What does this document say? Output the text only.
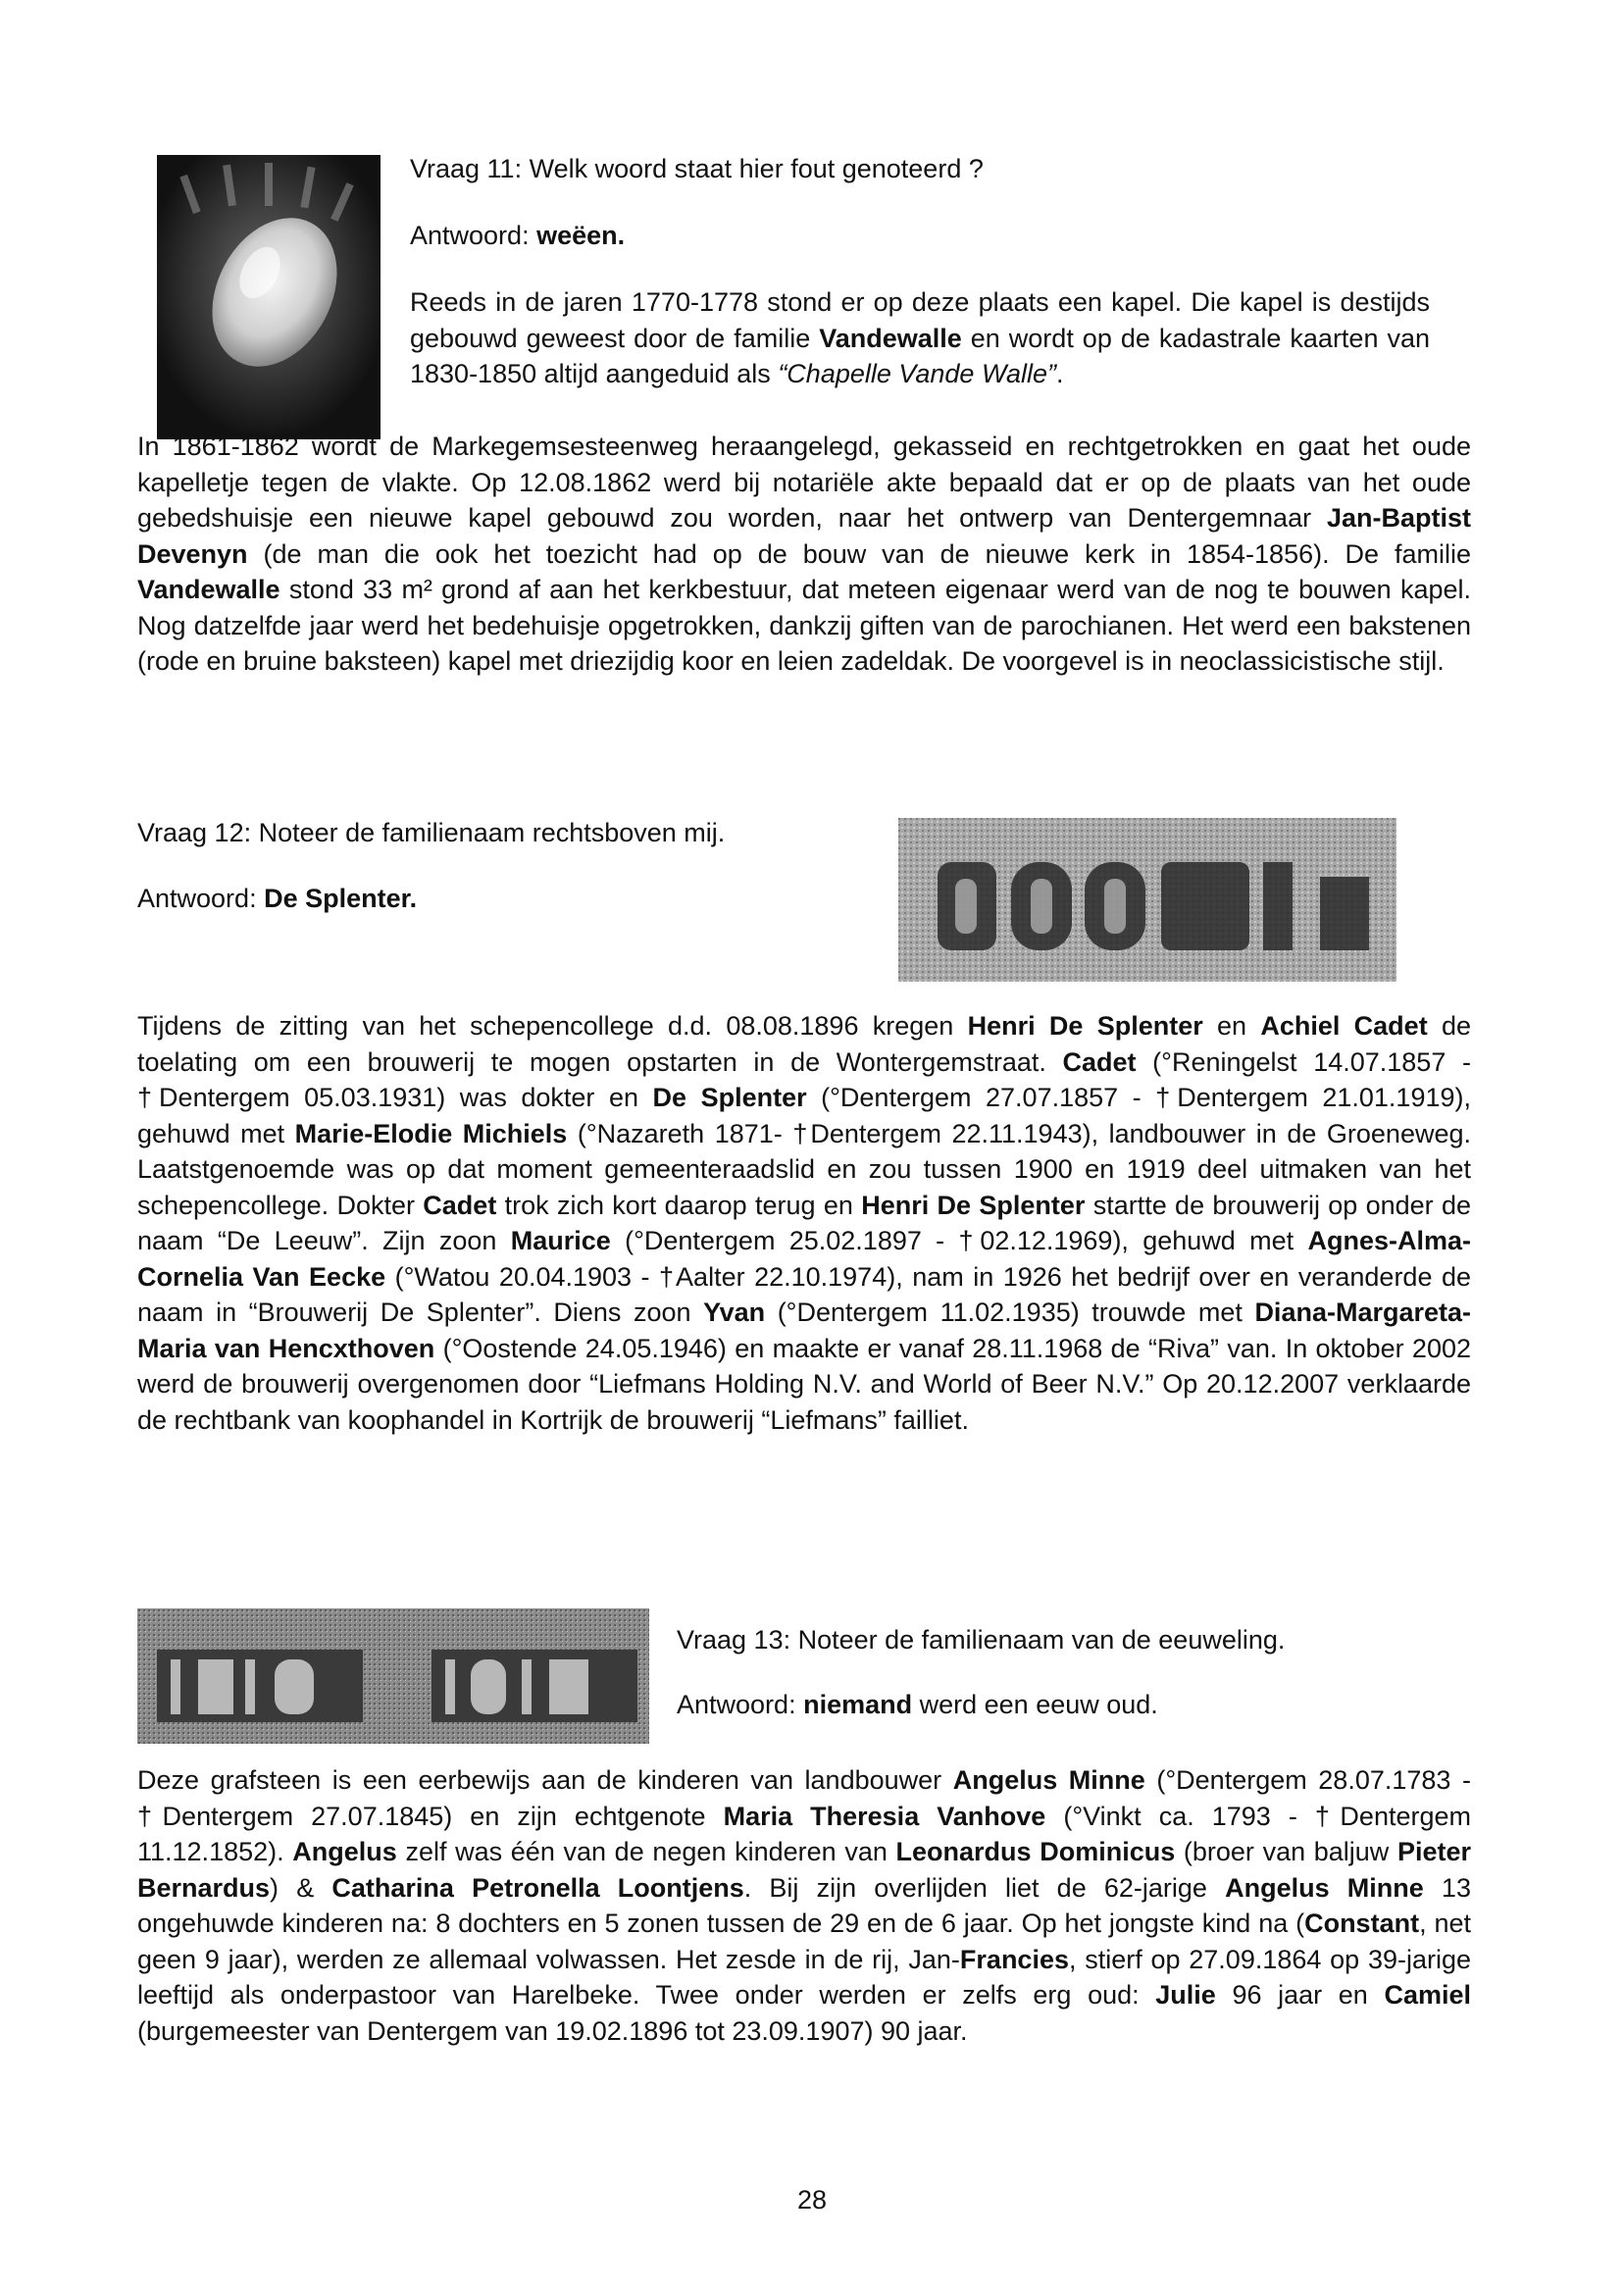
Vraag 11: Welk woord staat hier fout genoteerd ?

Antwoord: weëen.

Reeds in de jaren 1770-1778 stond er op deze plaats een kapel. Die kapel is destijds gebouwd geweest door de familie Vandewalle en wordt op de kadastrale kaarten van 1830-1850 altijd aangeduid als “Chapelle Vande Walle”.

In 1861-1862 wordt de Markegemsesteenweg heraangelegd, gekasseid en rechtgetrokken en gaat het oude kapelletje tegen de vlakte. Op 12.08.1862 werd bij notariële akte bepaald dat er op de plaats van het oude gebedshuisje een nieuwe kapel gebouwd zou worden, naar het ontwerp van Dentergemnaar Jan-Baptist Devenyn (de man die ook het toezicht had op de bouw van de nieuwe kerk in 1854-1856). De familie Vandewalle stond 33 m² grond af aan het kerkbestuur, dat meteen eigenaar werd van de nog te bouwen kapel. Nog datzelfde jaar werd het bedehuisje opgetrokken, dankzij giften van de parochianen. Het werd een bakstenen (rode en bruine baksteen) kapel met driezijdig koor en leien zadeldak. De voorgevel is in neoclassicistische stijl.

Vraag 12: Noteer de familienaam rechtsboven mij.

Antwoord: De Splenter.

Tijdens de zitting van het schepencollege d.d. 08.08.1896 kregen Henri De Splenter en Achiel Cadet de toelating om een brouwerij te mogen opstarten in de Wontergemstraat. Cadet (°Reningelst 14.07.1857 - †Dentergem 05.03.1931) was dokter en De Splenter (°Dentergem 27.07.1857 - †Dentergem 21.01.1919), gehuwd met Marie-Elodie Michiels (°Nazareth 1871- †Dentergem 22.11.1943), landbouwer in de Groeneweg. Laatstgenoemde was op dat moment gemeenteraadslid en zou tussen 1900 en 1919 deel uitmaken van het schepencollege. Dokter Cadet trok zich kort daarop terug en Henri De Splenter startte de brouwerij op onder de naam “De Leeuw”. Zijn zoon Maurice (°Dentergem 25.02.1897 - †02.12.1969), gehuwd met Agnes-Alma-Cornelia Van Eecke (°Watou 20.04.1903 - †Aalter 22.10.1974), nam in 1926 het bedrijf over en veranderde de naam in “Brouwerij De Splenter”. Diens zoon Yvan (°Dentergem 11.02.1935) trouwde met Diana-Margareta-Maria van Hencxthoven (°Oostende 24.05.1946) en maakte er vanaf 28.11.1968 de “Riva” van. In oktober 2002 werd de brouwerij overgenomen door “Liefmans Holding N.V. and World of Beer N.V.” Op 20.12.2007 verklaarde de rechtbank van koophandel in Kortrijk de brouwerij “Liefmans” failliet.

Vraag 13: Noteer de familienaam van de eeuweling.

Antwoord: niemand werd een eeuw oud.

Deze grafsteen is een eerbewijs aan de kinderen van landbouwer Angelus Minne (°Dentergem 28.07.1783 - †Dentergem 27.07.1845) en zijn echtgenote Maria Theresia Vanhove (°Vinkt ca. 1793 - †Dentergem 11.12.1852). Angelus zelf was één van de negen kinderen van Leonardus Dominicus (broer van baljuw Pieter Bernardus) & Catharina Petronella Loontjens. Bij zijn overlijden liet de 62-jarige Angelus Minne 13 ongehuwde kinderen na: 8 dochters en 5 zonen tussen de 29 en de 6 jaar. Op het jongste kind na (Constant, net geen 9 jaar), werden ze allemaal volwassen. Het zesde in de rij, Jan-Francies, stierf op 27.09.1864 op 39-jarige leeftijd als onderpastoor van Harelbeke. Twee onder werden er zelfs erg oud: Julie 96 jaar en Camiel (burgemeester van Dentergem van 19.02.1896 tot 23.09.1907) 90 jaar.

28
